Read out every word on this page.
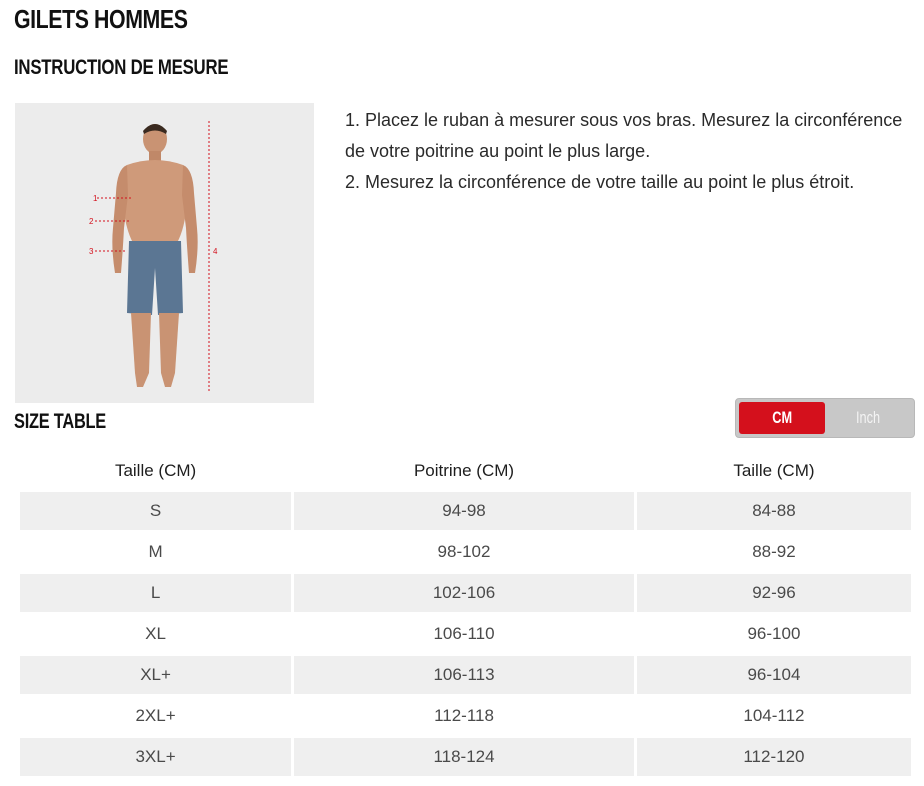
GILETS HOMMES
INSTRUCTION DE MESURE
1
2
3	4

1. Placez le ruban à mesurer sous vos bras. Mesurez la circonférence de votre poitrine au point le plus large.

2. Mesurez la circonférence de votre taille au point le plus étroit.

SIZE TABLE	CM	Inch
Taille (CM)	Poitrine (CM)	Taille (CM)
S	94-98	84-88
M	98-102	88-92
L	102-106	92-96
XL	106-110	96-100
XL+	106-113	96-104
2XL+	112-118	104-112
3XL+	118-124	112-120
